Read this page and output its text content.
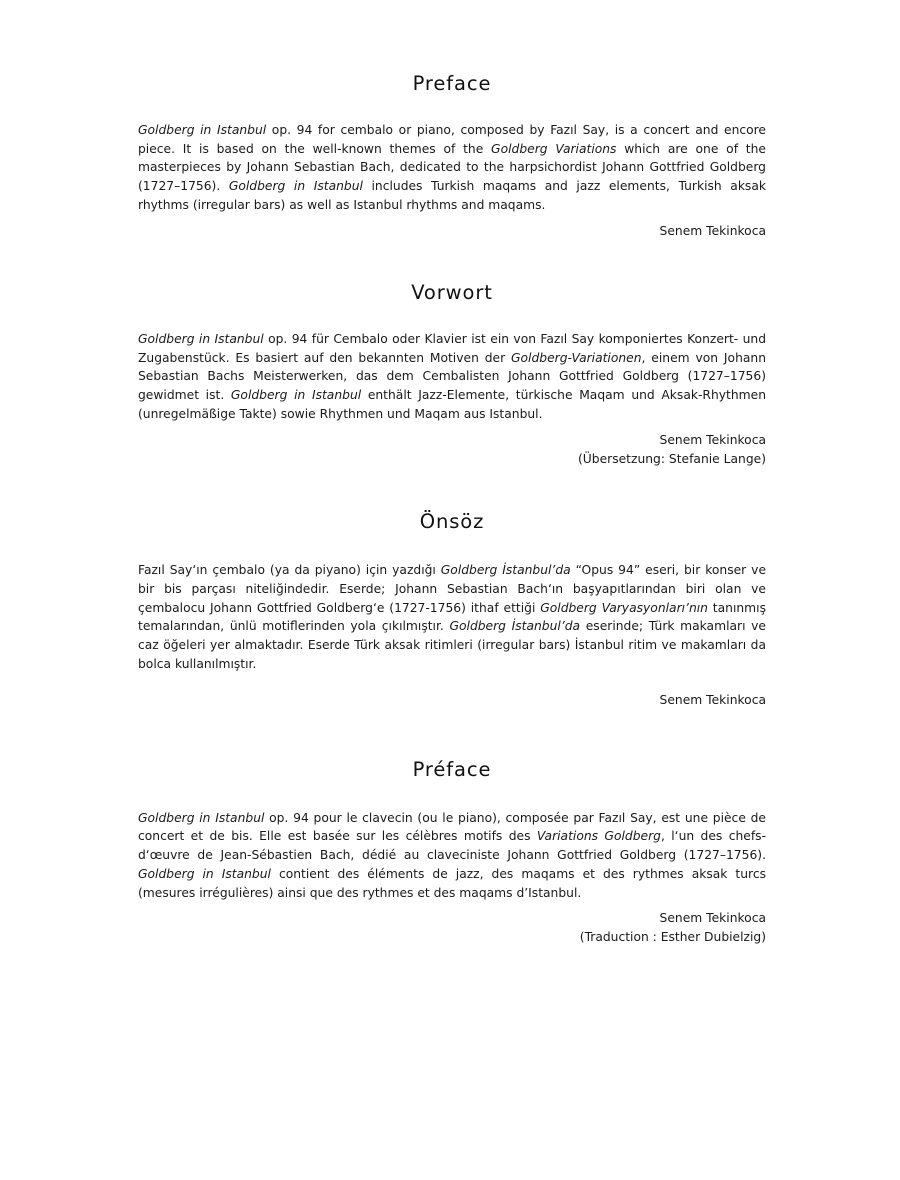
Preface

Goldberg in Istanbul op. 94 for cembalo or piano, composed by Fazıl Say, is a concert and encore piece. It is based on the well-known themes of the Goldberg Variations which are one of the masterpieces by Johann Sebastian Bach, dedicated to the harpsichordist Johann Gottfried Goldberg (1727–1756). Goldberg in Istanbul includes Turkish maqams and jazz elements, Turkish aksak rhythms (irregular bars) as well as Istanbul rhythms and maqams.

Senem Tekinkoca

Vorwort

Goldberg in Istanbul op. 94 für Cembalo oder Klavier ist ein von Fazıl Say komponiertes Konzert- und Zugabenstück. Es basiert auf den bekannten Motiven der Goldberg-Variationen, einem von Johann Sebastian Bachs Meisterwerken, das dem Cembalisten Johann Gottfried Goldberg (1727–1756) gewidmet ist. Goldberg in Istanbul enthält Jazz-Elemente, türkische Maqam und Aksak-Rhythmen (unregelmäßige Takte) sowie Rhythmen und Maqam aus Istanbul.

Senem Tekinkoca

(Übersetzung: Stefanie Lange)

Önsöz

Fazıl Say‘ın çembalo (ya da piyano) için yazdığı Goldberg İstanbul’da “Opus 94” eseri, bir konser ve bir bis parçası niteliğindedir. Eserde; Johann Sebastian Bach‘ın başyapıtlarından biri olan ve çembalocu Johann Gottfried Goldberg‘e (1727-1756) ithaf ettiği Goldberg Varyasyonları’nın tanınmış temalarından, ünlü motiflerinden yola çıkılmıştır. Goldberg İstanbul’da eserinde; Türk makamları ve caz öğeleri yer almaktadır. Eserde Türk aksak ritimleri (irregular bars) İstanbul ritim ve makamları da bolca kullanılmıştır.

Senem Tekinkoca

Préface

Goldberg in Istanbul op. 94 pour le clavecin (ou le piano), composée par Fazıl Say, est une pièce de concert et de bis. Elle est basée sur les célèbres motifs des Variations Goldberg, l‘un des chefs-d‘œuvre de Jean-Sébastien Bach, dédié au claveciniste Johann Gottfried Goldberg (1727–1756). Goldberg in Istanbul contient des éléments de jazz, des maqams et des rythmes aksak turcs (mesures irrégulières) ainsi que des rythmes et des maqams d’Istanbul.

Senem Tekinkoca

(Traduction : Esther Dubielzig)
